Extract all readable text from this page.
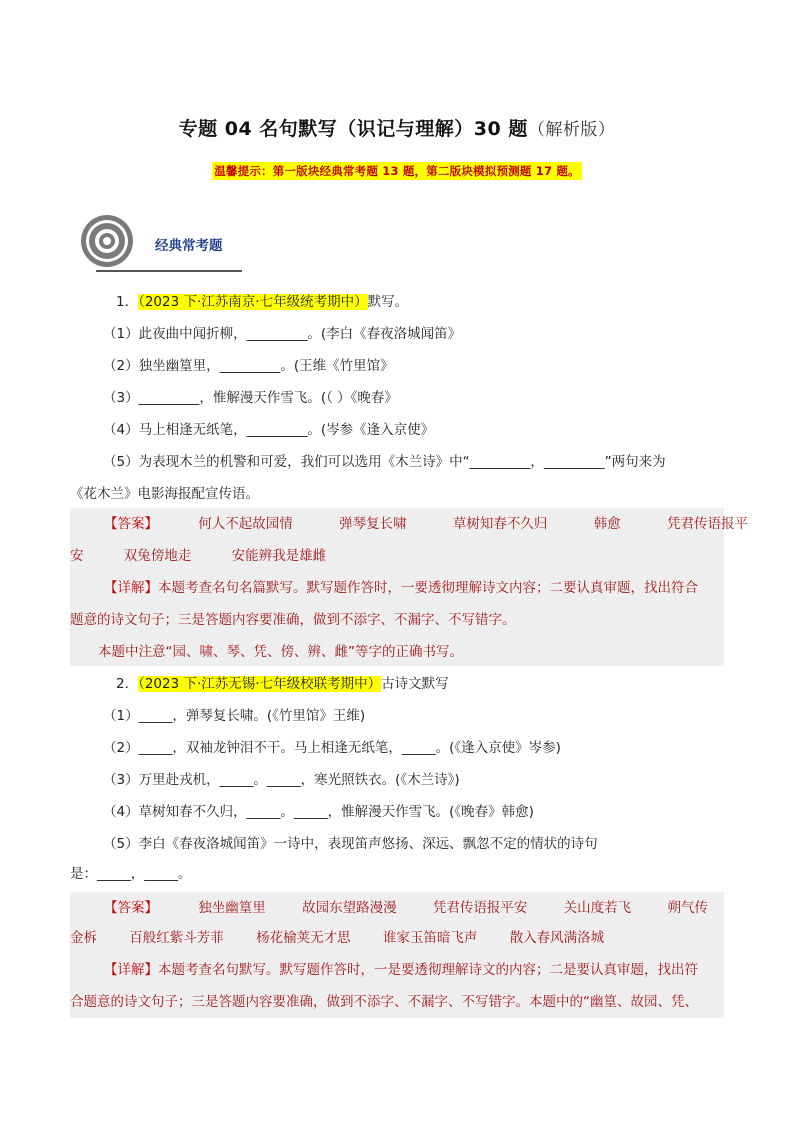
专题 04 名句默写（识记与理解）30 题（解析版）
温馨提示：第一版块经典常考题 13 题，第二版块模拟预测题 17 题。
经典常考题
1．（2023 下·江苏南京·七年级统考期中）默写。
（1）此夜曲中闻折柳，_________。(李白《春夜洛城闻笛》
（2）独坐幽篁里，_________。(王维《竹里馆》
（3）_________，惟解漫天作雪飞。(（ ）《晚春》
（4）马上相逢无纸笔，_________。(岑参《逢入京使》
（5）为表现木兰的机警和可爱，我们可以选用《木兰诗》中“_________，_________”两句来为
《花木兰》电影海报配宣传语。
【答案】	何人不起故园情	弹琴复长啸	草树知春不久归	韩愈	凭君传语报平
安	双兔傍地走	安能辨我是雄雌
【详解】本题考查名句名篇默写。默写题作答时，一要透彻理解诗文内容；二要认真审题，找出符合
题意的诗文句子；三是答题内容要准确，做到不添字、不漏字、不写错字。
本题中注意“园、啸、琴、凭、傍、辨、雌”等字的正确书写。
2．（2023 下·江苏无锡·七年级校联考期中）古诗文默写
（1）_____，弹琴复长啸。(《竹里馆》王维)
（2）_____，双袖龙钟泪不干。马上相逢无纸笔，_____。(《逢入京使》岑参)
（3）万里赴戎机，_____。_____，寒光照铁衣。(《木兰诗》)
（4）草树知春不久归，_____。_____，惟解漫天作雪飞。(《晚春》韩愈)
（5）李白《春夜洛城闻笛》一诗中，表现笛声悠扬、深远、飘忽不定的情状的诗句
是：_____，_____。
【答案】	独坐幽篁里	故园东望路漫漫	凭君传语报平安	关山度若飞	朔气传
金柝 百般红紫斗芳菲 杨花榆荚无才思 谁家玉笛暗飞声 散入春风满洛城
【详解】本题考查名句默写。默写题作答时，一是要透彻理解诗文的内容；二是要认真审题，找出符
合题意的诗文句子；三是答题内容要准确，做到不添字、不漏字、不写错字。本题中的“幽篁、故园、凭、
